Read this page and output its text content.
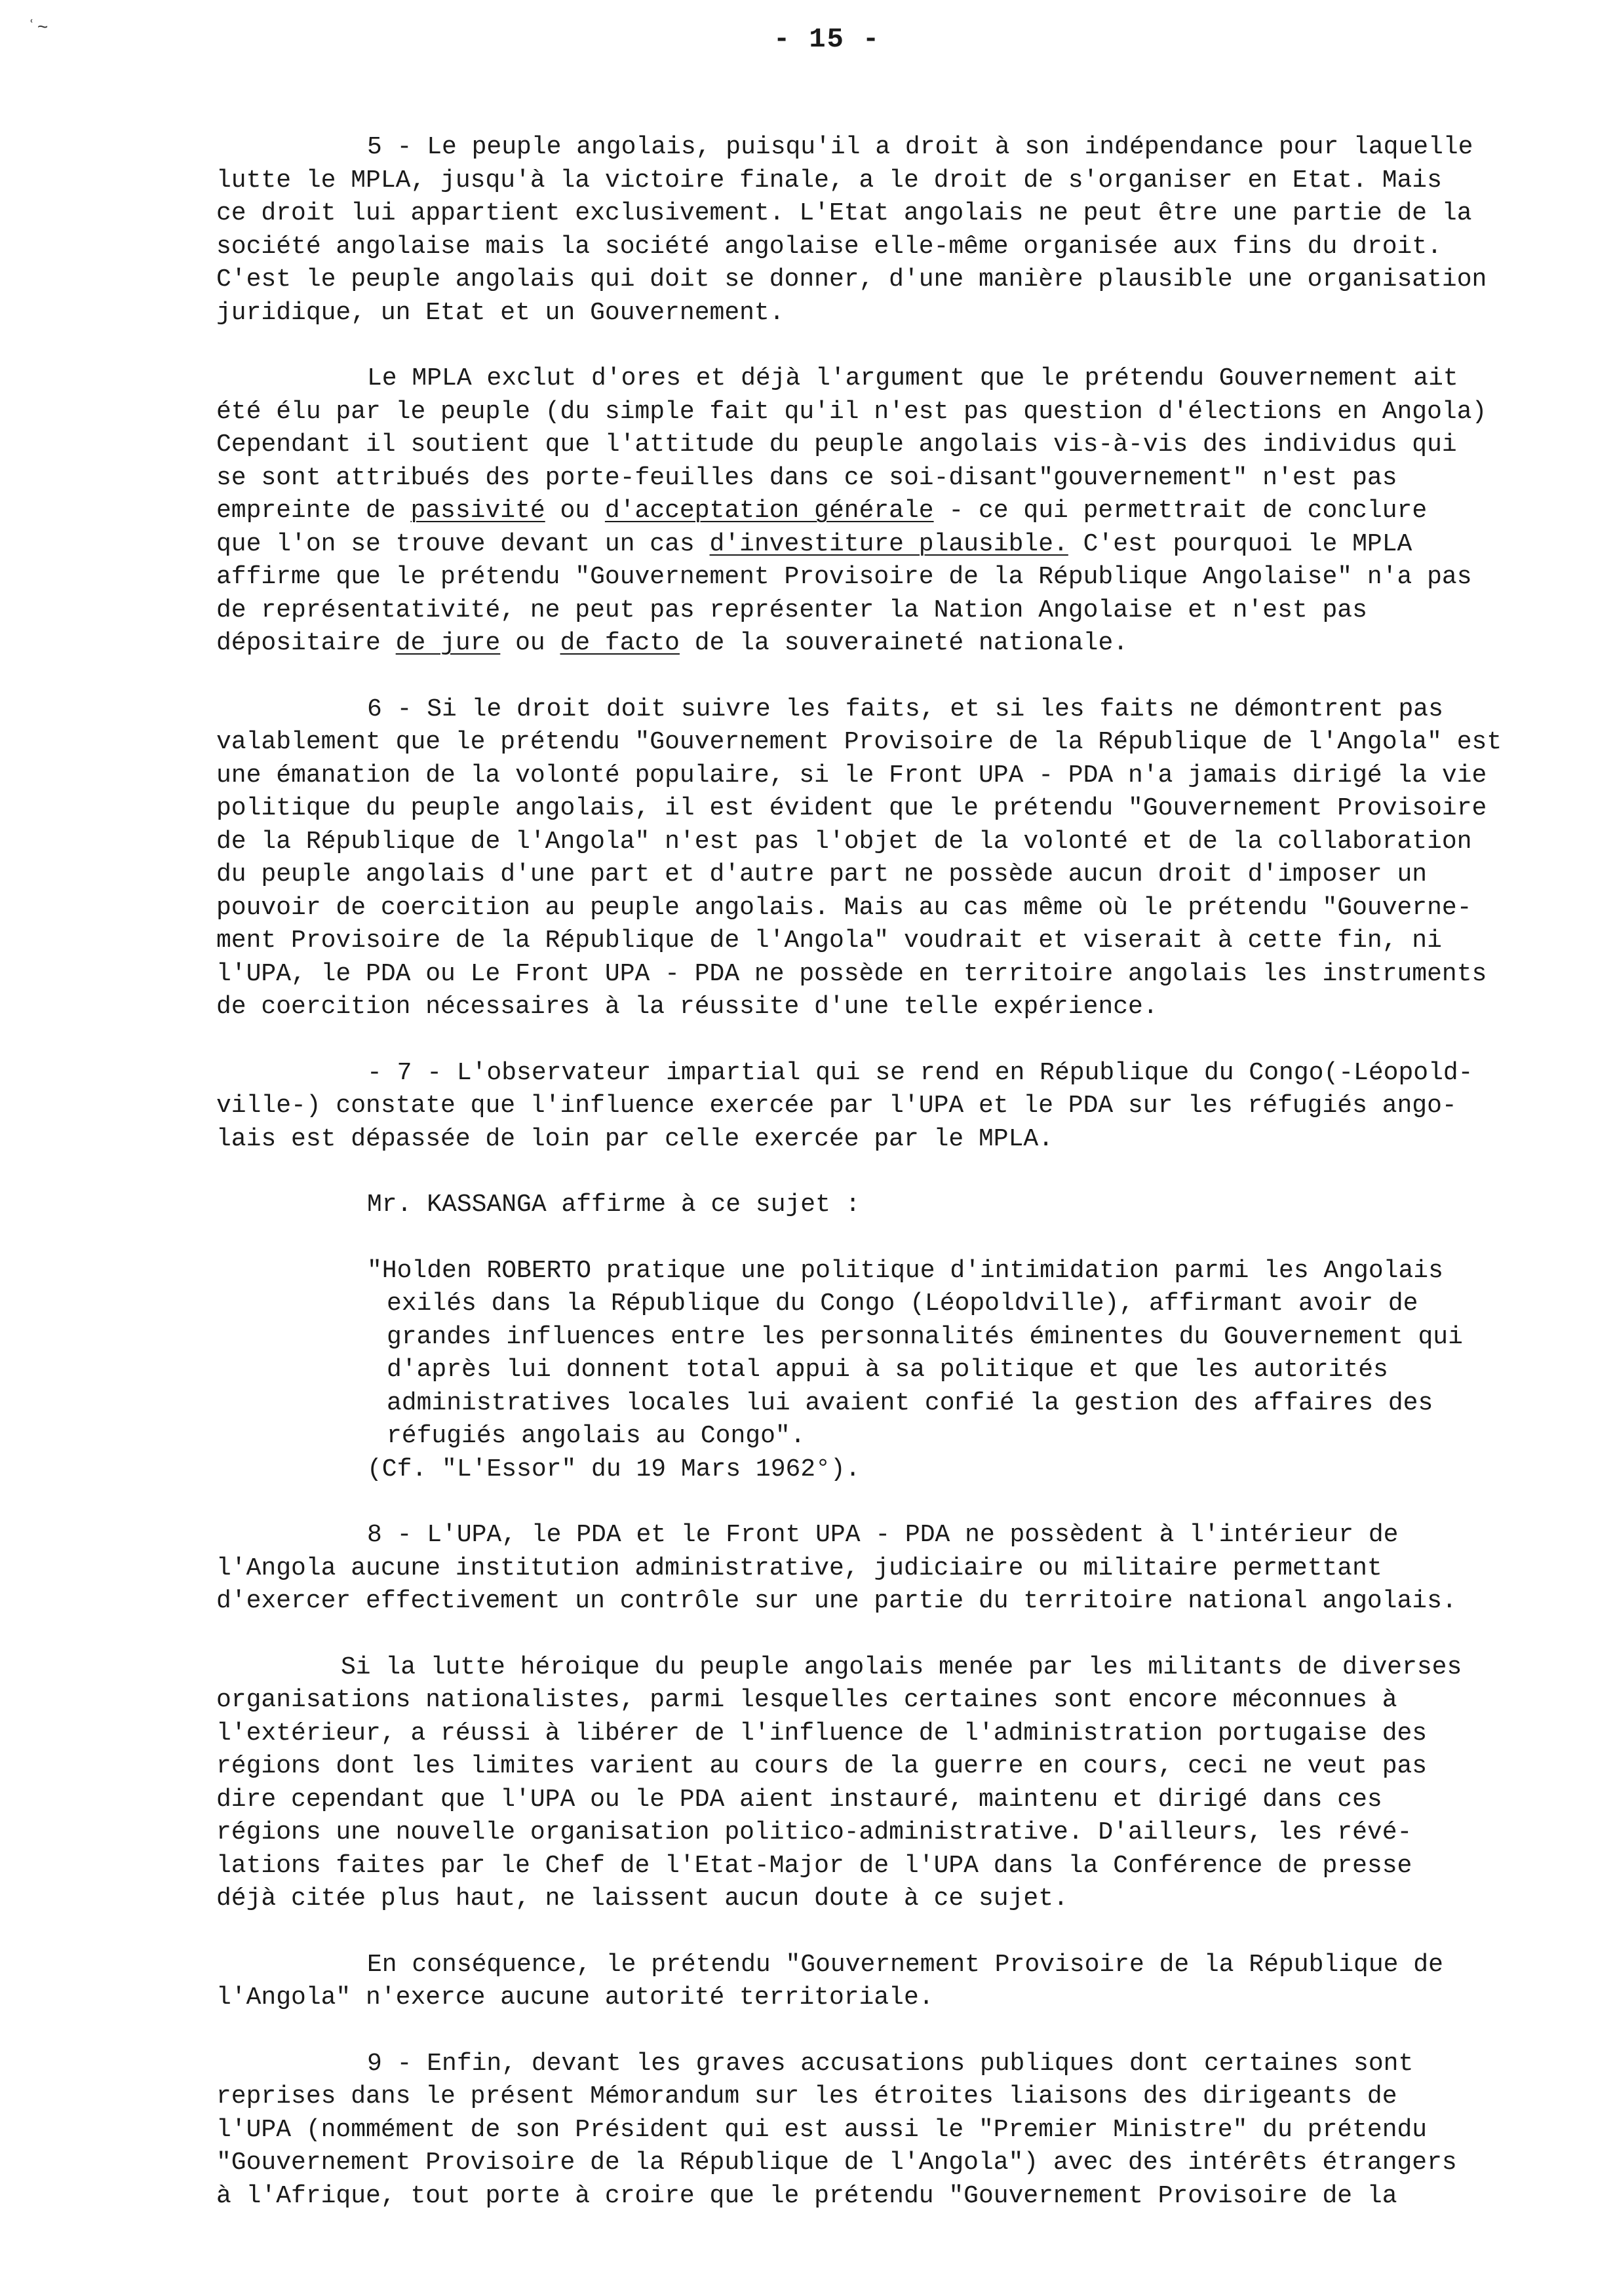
ʿ~	- 15 -
5 - Le peuple angolais, puisqu'il a droit à son indépendance pour laquelle
lutte le MPLA, jusqu'à la victoire finale, a le droit de s'organiser en Etat. Mais
ce droit lui appartient exclusivement. L'Etat angolais ne peut être une partie de la
société angolaise mais la société angolaise elle-même organisée aux fins du droit.
C'est le peuple angolais qui doit se donner, d'une manière plausible une organisation
juridique, un Etat et un Gouvernement.
Le MPLA exclut d'ores et déjà l'argument que le prétendu Gouvernement ait
été élu par le peuple (du simple fait qu'il n'est pas question d'élections en Angola)
Cependant il soutient que l'attitude du peuple angolais vis-à-vis des individus qui
se sont attribués des porte-feuilles dans ce soi-disant"gouvernement" n'est pas
empreinte de passivité ou d'acceptation générale - ce qui permettrait de conclure
que l'on se trouve devant un cas d'investiture plausible. C'est pourquoi le MPLA
affirme que le prétendu "Gouvernement Provisoire de la République Angolaise" n'a pas
de représentativité, ne peut pas représenter la Nation Angolaise et n'est pas
dépositaire de jure ou de facto de la souveraineté nationale.
6 - Si le droit doit suivre les faits, et si les faits ne démontrent pas
valablement que le prétendu "Gouvernement Provisoire de la République de l'Angola" est
une émanation de la volonté populaire, si le Front UPA - PDA n'a jamais dirigé la vie
politique du peuple angolais, il est évident que le prétendu "Gouvernement Provisoire
de la République de l'Angola" n'est pas l'objet de la volonté et de la collaboration
du peuple angolais d'une part et d'autre part ne possède aucun droit d'imposer un
pouvoir de coercition au peuple angolais. Mais au cas même où le prétendu "Gouverne-
ment Provisoire de la République de l'Angola" voudrait et viserait à cette fin, ni
l'UPA, le PDA ou Le Front UPA - PDA ne possède en territoire angolais les instruments
de coercition nécessaires à la réussite d'une telle expérience.
- 7 - L'observateur impartial qui se rend en République du Congo(-Léopold-
ville-) constate que l'influence exercée par l'UPA et le PDA sur les réfugiés ango-
lais est dépassée de loin par celle exercée par le MPLA.
Mr. KASSANGA affirme à ce sujet :
"Holden ROBERTO pratique une politique d'intimidation parmi les Angolais
exilés dans la République du Congo (Léopoldville), affirmant avoir de
grandes influences entre les personnalités éminentes du Gouvernement qui
d'après lui donnent total appui à sa politique et que les autorités
administratives locales lui avaient confié la gestion des affaires des
réfugiés angolais au Congo".
(Cf. "L'Essor" du 19 Mars 1962°).
8 - L'UPA, le PDA et le Front UPA - PDA ne possèdent à l'intérieur de
l'Angola aucune institution administrative, judiciaire ou militaire permettant
d'exercer effectivement un contrôle sur une partie du territoire national angolais.
Si la lutte héroique du peuple angolais menée par les militants de diverses
organisations nationalistes, parmi lesquelles certaines sont encore méconnues à
l'extérieur, a réussi à libérer de l'influence de l'administration portugaise des
régions dont les limites varient au cours de la guerre en cours, ceci ne veut pas
dire cependant que l'UPA ou le PDA aient instauré, maintenu et dirigé dans ces
régions une nouvelle organisation politico-administrative. D'ailleurs, les révé-
lations faites par le Chef de l'Etat-Major de l'UPA dans la Conférence de presse
déjà citée plus haut, ne laissent aucun doute à ce sujet.
En conséquence, le prétendu "Gouvernement Provisoire de la République de
l'Angola" n'exerce aucune autorité territoriale.
9 - Enfin, devant les graves accusations publiques dont certaines sont
reprises dans le présent Mémorandum sur les étroites liaisons des dirigeants de
l'UPA (nommément de son Président qui est aussi le "Premier Ministre" du prétendu
"Gouvernement Provisoire de la République de l'Angola") avec des intérêts étrangers
à l'Afrique, tout porte à croire que le prétendu "Gouvernement Provisoire de la
